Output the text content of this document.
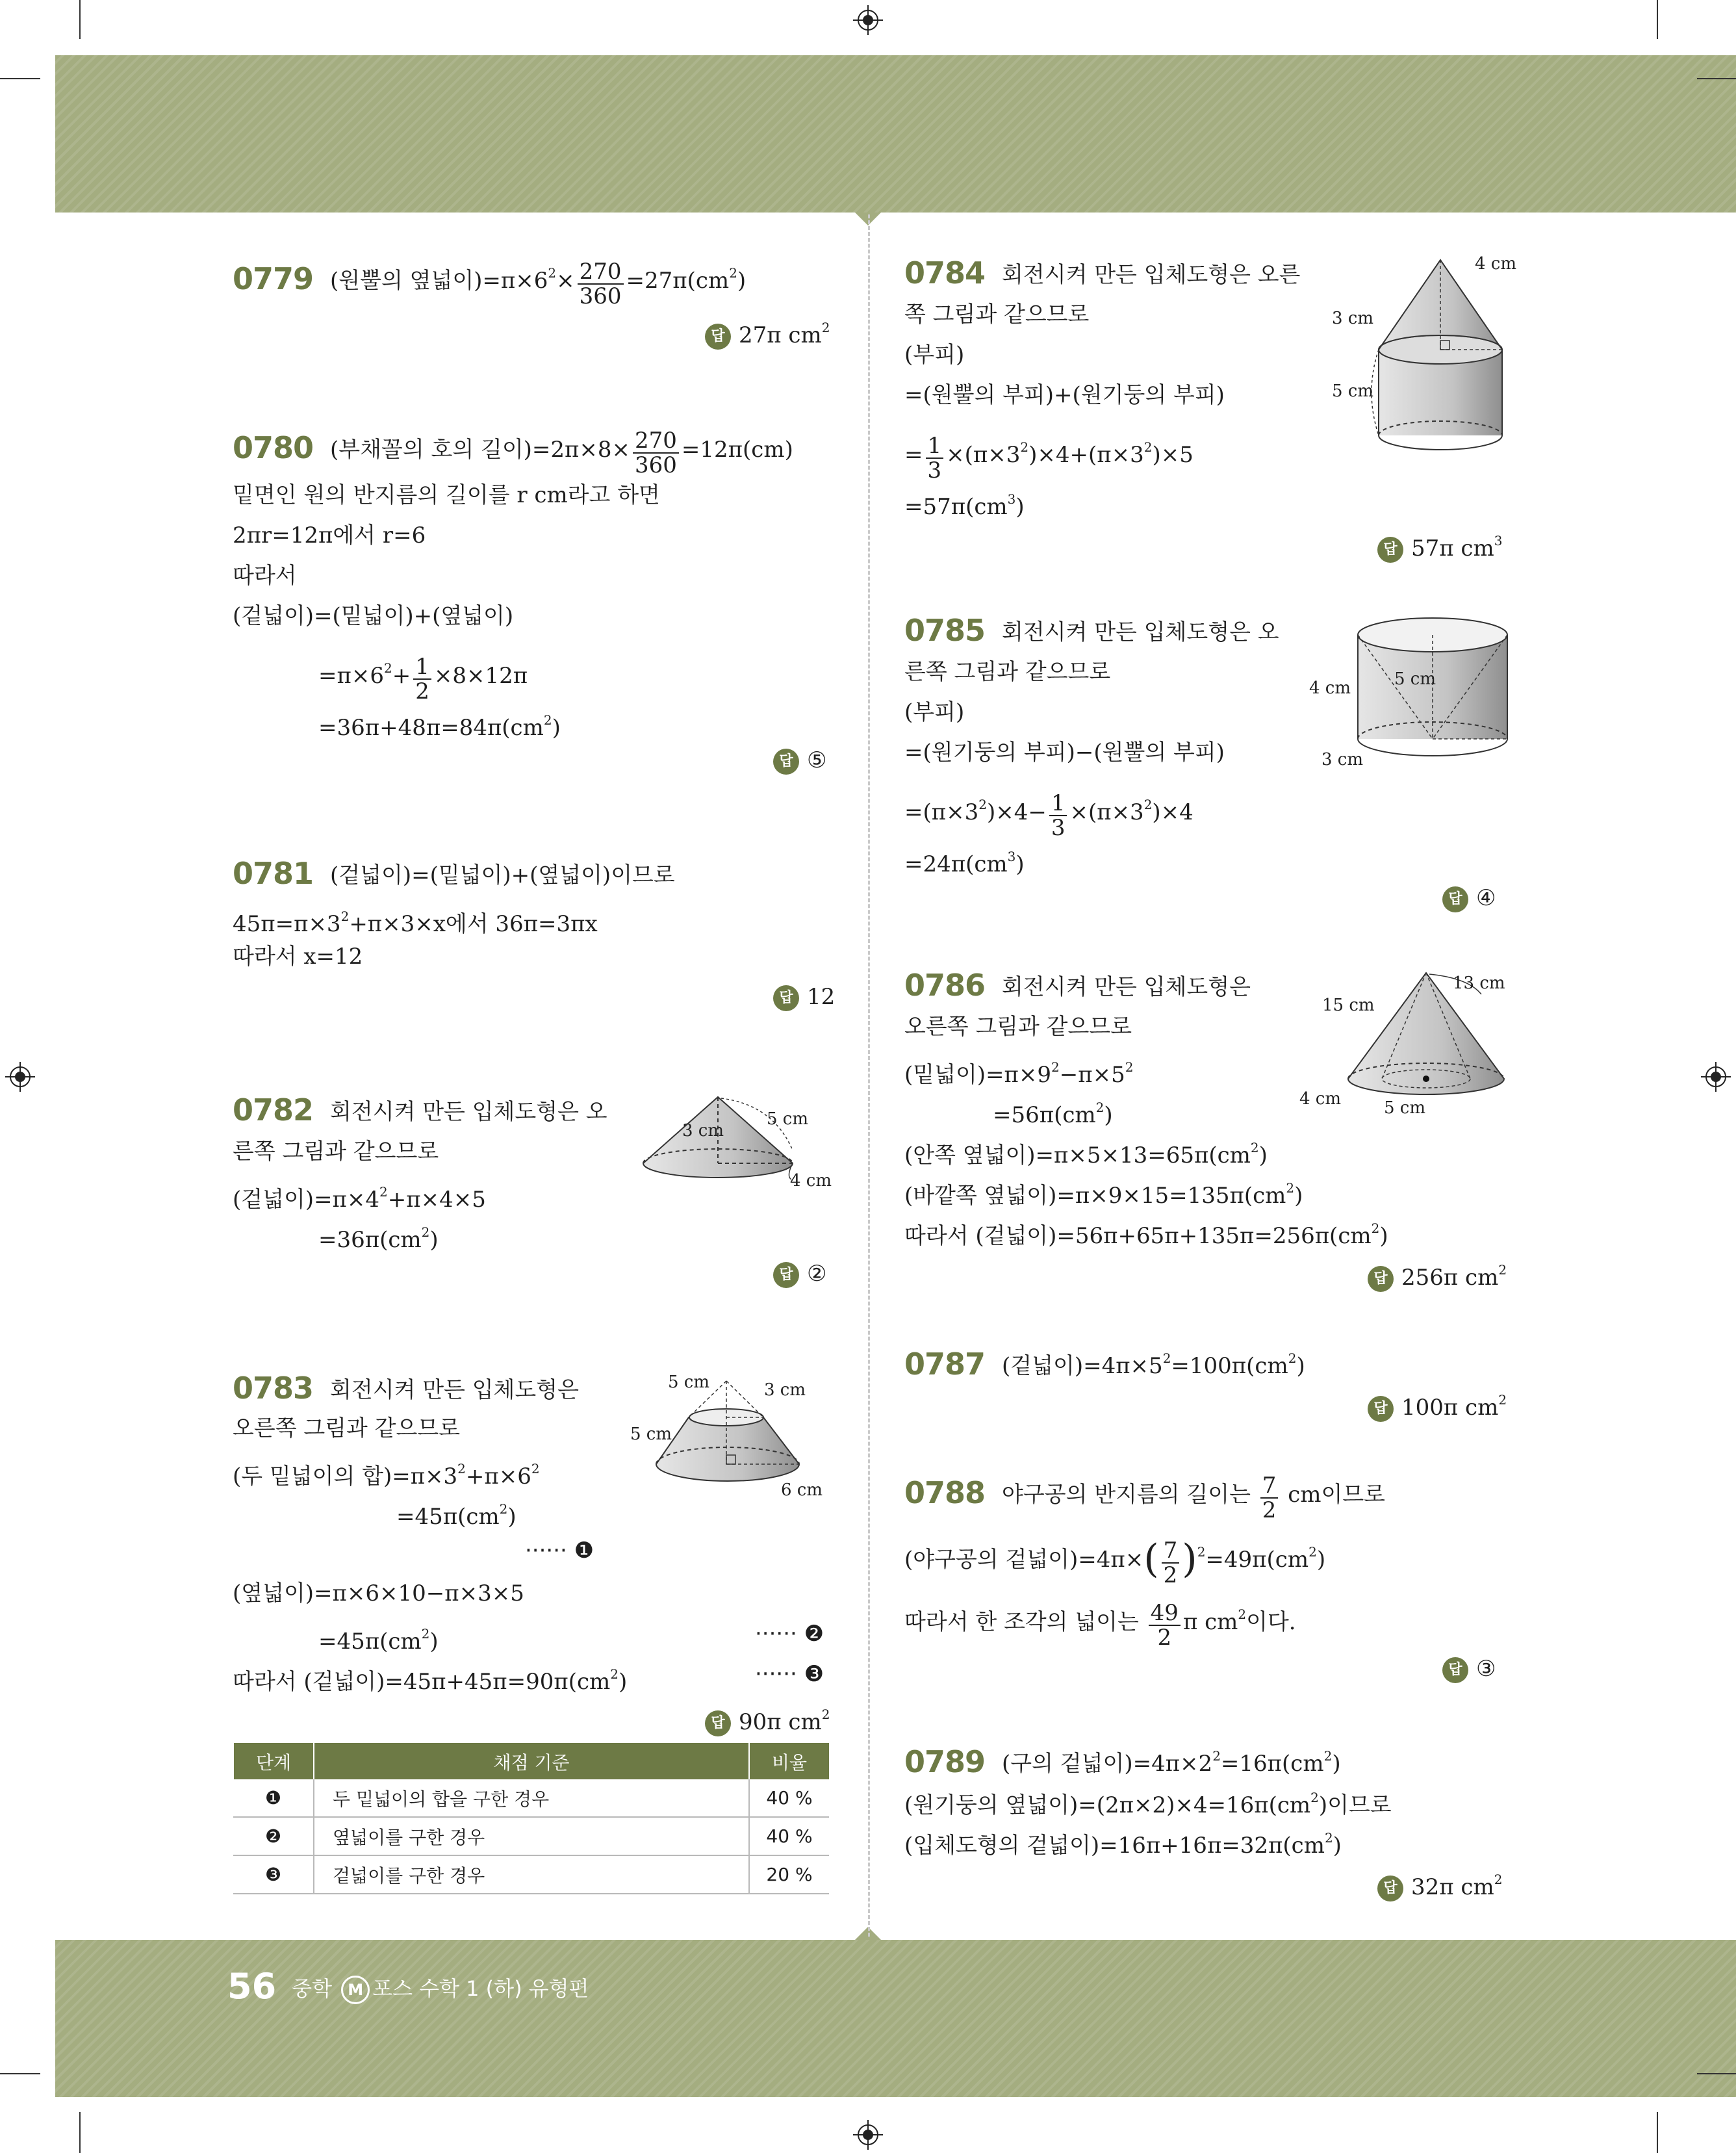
0779 (원뿔의 옆넓이)$=\pi\times 6^2\times \frac{270}{360} =27\pi(cm^2)$
답 27π $cm^2$
0780 (부채꼴의 호의 길이)$=2\pi\times 8\times \frac{270}{360} =12\pi(cm)$
밑면인 원의 반지름의 길이를 r cm라고 하면
2πr=12π에서 r=6
따라서
(겉넓이)=(밑넓이)+(옆넓이)
$=\pi\times 6^2+ \frac{1}{2} \times 8\times 12\pi$
$=36\pi+48\pi=84\pi(cm^2)$
답 ⑤
0781 (겉넓이)=(밑넓이)+(옆넓이)이므로
$45\pi=\pi\times 3^2+\pi\times 3\times x$에서 36π=3πx
따라서 x=12
답 12
0782 회전시켜 만든 입체도형은 오
른쪽 그림과 같으므로
(겉넓이)$=\pi\times 4^2+\pi\times 4\times 5$
$=36\pi(cm^2)$
답 ②
3 cm
5 cm
4 cm
0783 회전시켜 만든 입체도형은
오른쪽 그림과 같으므로
(두 밑넓이의 합)$=\pi\times 3^2+\pi\times 6^2$
$=45\pi(cm^2)$
······ ❶
(옆넓이)=π×6×10−π×3×5
$=45\pi(cm^2)$	······ ❷
따라서 (겉넓이)$=45\pi+45\pi=90\pi(cm^2)$	······ ❸
답 90π $cm^2$
5 cm	3 cm
5 cm
6 cm
단계	채점 기준	비율
❶	두 밑넓이의 합을 구한 경우	40 %
❷	옆넓이를 구한 경우	40 %
❸	겉넓이를 구한 경우	20 %
0784 회전시켜 만든 입체도형은 오른
쪽 그림과 같으므로
(부피)
=(원뿔의 부피)+(원기둥의 부피)
= $\frac{1}{3} \times(\pi\times 3^2)\times 4+(\pi\times 3^2)\times 5$
$=57\pi(cm^3)$
답 57π $cm^3$
4 cm
3 cm
5 cm
0785 회전시켜 만든 입체도형은 오
른쪽 그림과 같으므로
(부피)
=(원기둥의 부피)−(원뿔의 부피)
$=(\pi\times 3^2)\times 4- \frac{1}{3} \times(\pi\times 3^2)\times 4$
$=24\pi(cm^3)$
답 ④
5 cm
4 cm
3 cm
0786 회전시켜 만든 입체도형은
오른쪽 그림과 같으므로
(밑넓이)$=\pi\times 9^2-\pi\times 5^2$
$=56\pi(cm^2)$
(안쪽 옆넓이)$=\pi\times 5\times 13=65\pi(cm^2)$
(바깥쪽 옆넓이)$=\pi\times 9\times 15=135\pi(cm^2)$
따라서 (겉넓이)$=56\pi+65\pi+135\pi=256\pi(cm^2)$
답 256π $cm^2$
13 cm
15 cm
4 cm	5 cm
0787 (겉넓이)$=4\pi\times 5^2=100\pi(cm^2)$
답 100π $cm^2$
0788 야구공의 반지름의 길이는 $\frac{7}{2}$ cm이므로
(야구공의 겉넓이)$=4\pi\times( \frac{7}{2} )^2=49\pi(cm^2)$
따라서 한 조각의 넓이는 $\frac{49}{2}$ π $cm^2$이다.
답 ③
0789 (구의 겉넓이)$=4\pi\times 2^2=16\pi(cm^2)$
(원기둥의 옆넓이)$=(2\pi\times 2)\times 4=16\pi(cm^2)$이므로
(입체도형의 겉넓이)$=16\pi+16\pi=32\pi(cm^2)$
답 32π $cm^2$
56 중학 M 포스 수학 1 (하) 유형편
